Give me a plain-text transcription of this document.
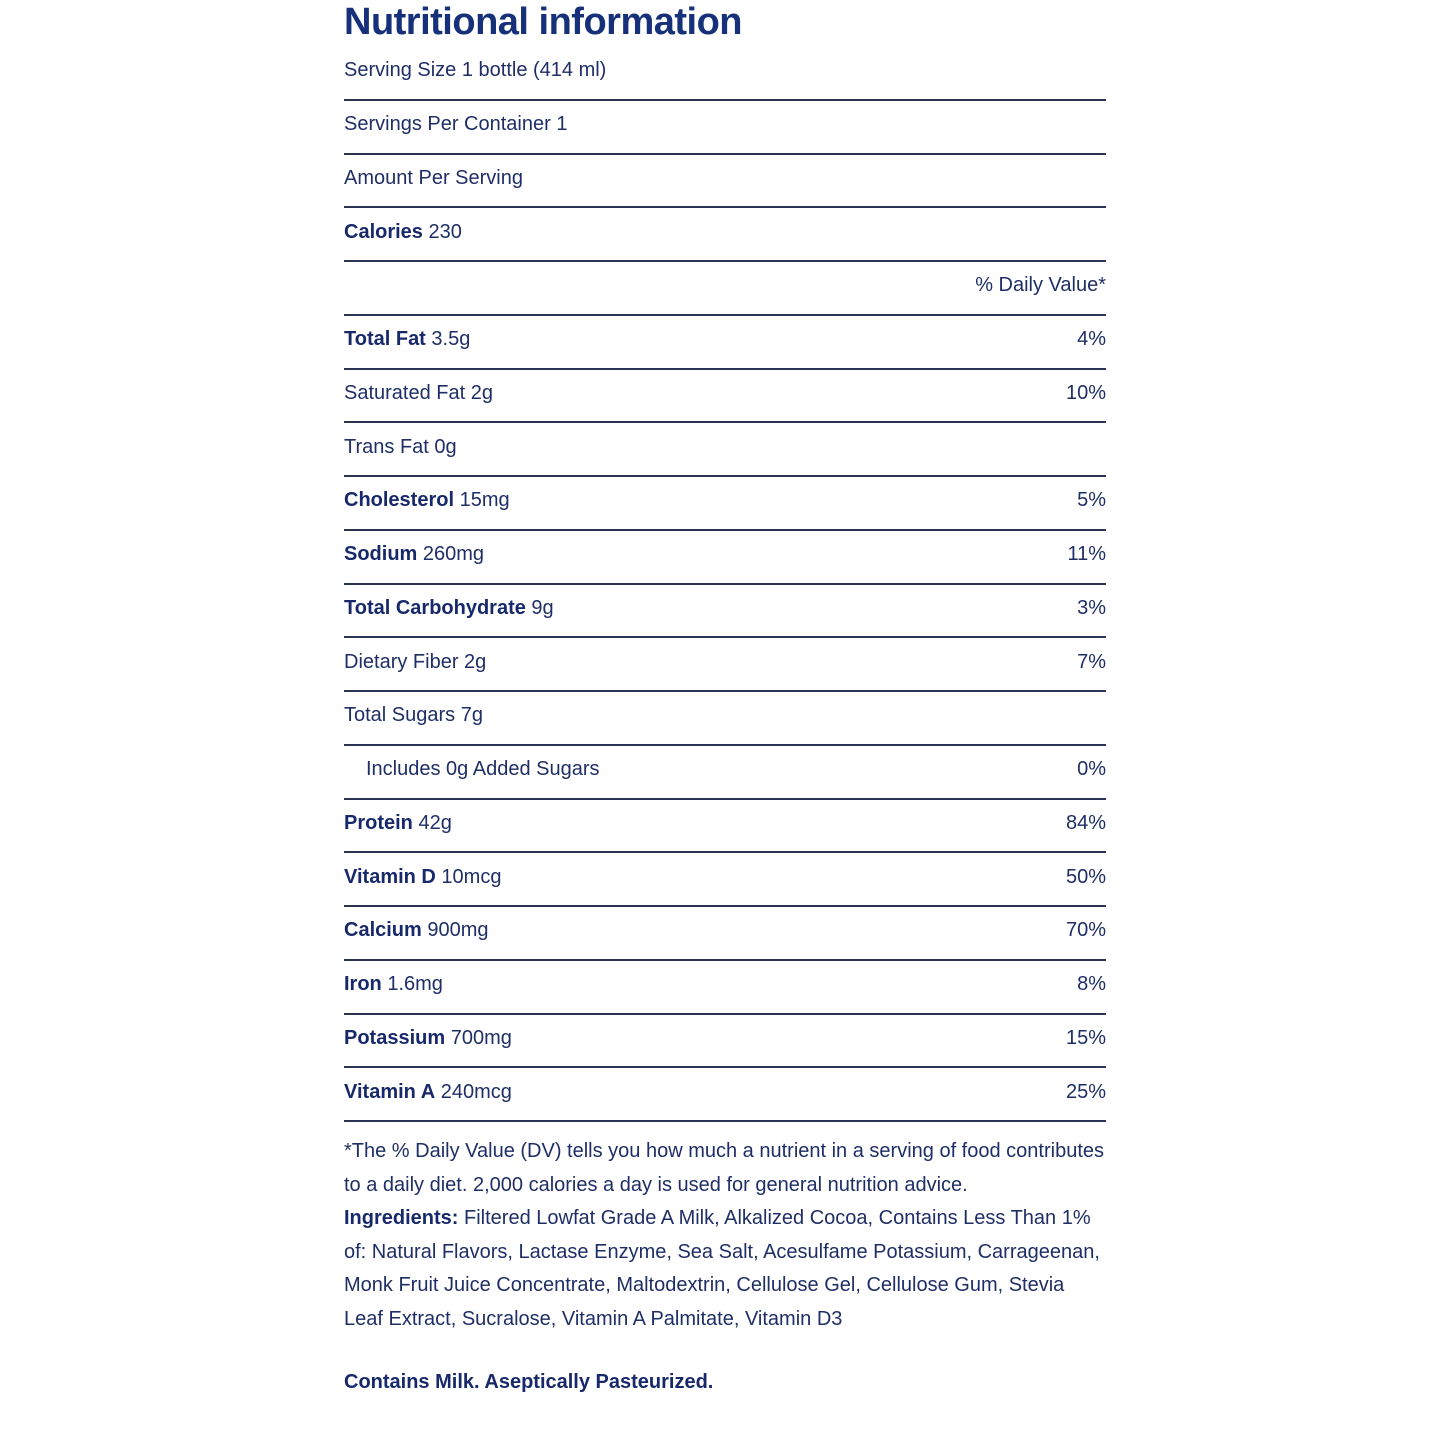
Nutritional information
Serving Size 1 bottle (414 ml)
Servings Per Container 1
Amount Per Serving
Calories 230
% Daily Value*
Total Fat 3.5g	4%
Saturated Fat 2g	10%
Trans Fat 0g
Cholesterol 15mg	5%
Sodium 260mg	11%
Total Carbohydrate 9g	3%
Dietary Fiber 2g	7%
Total Sugars 7g
Includes 0g Added Sugars	0%
Protein 42g	84%
Vitamin D 10mcg	50%
Calcium 900mg	70%
Iron 1.6mg	8%
Potassium 700mg	15%
Vitamin A 240mcg	25%
*The % Daily Value (DV) tells you how much a nutrient in a serving of food contributes to a daily diet. 2,000 calories a day is used for general nutrition advice.
Ingredients: Filtered Lowfat Grade A Milk, Alkalized Cocoa, Contains Less Than 1% of: Natural Flavors, Lactase Enzyme, Sea Salt, Acesulfame Potassium, Carrageenan, Monk Fruit Juice Concentrate, Maltodextrin, Cellulose Gel, Cellulose Gum, Stevia Leaf Extract, Sucralose, Vitamin A Palmitate, Vitamin D3
Contains Milk. Aseptically Pasteurized.
